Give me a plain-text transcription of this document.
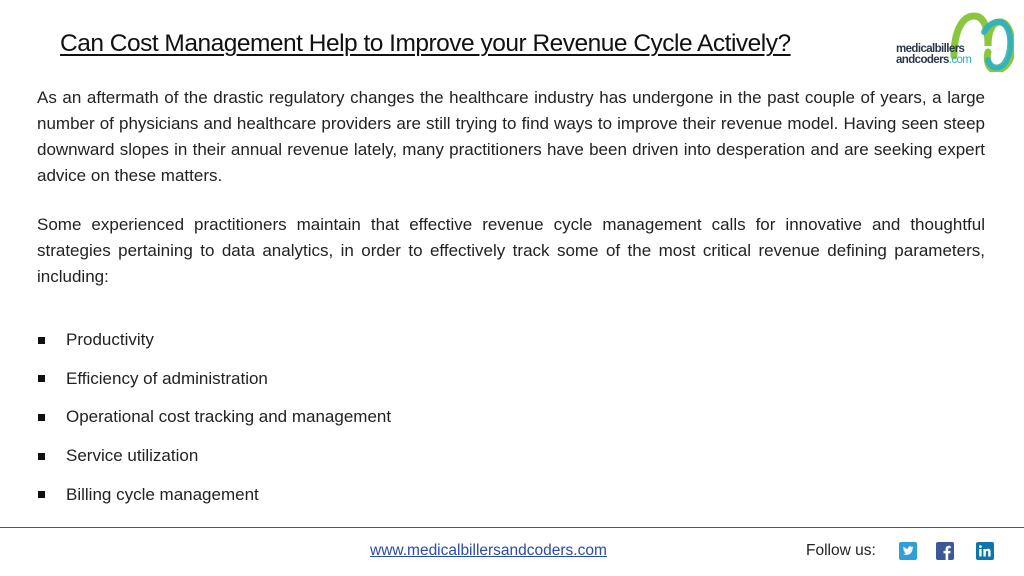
Can Cost Management Help to Improve your Revenue Cycle Actively?	medicalbillers
andcoders.com

As an aftermath of the drastic regulatory changes the healthcare industry has undergone in the past couple of years, a large number of physicians and healthcare providers are still trying to find ways to improve their revenue model. Having seen steep downward slopes in their annual revenue lately, many practitioners have been driven into desperation and are seeking expert advice on these matters.

Some experienced practitioners maintain that effective revenue cycle management calls for innovative and thoughtful strategies pertaining to data analytics, in order to effectively track some of the most critical revenue defining parameters, including:

Productivity
Efficiency of administration
Operational cost tracking and management
Service utilization
Billing cycle management
www.medicalbillersandcoders.com	Follow us:
